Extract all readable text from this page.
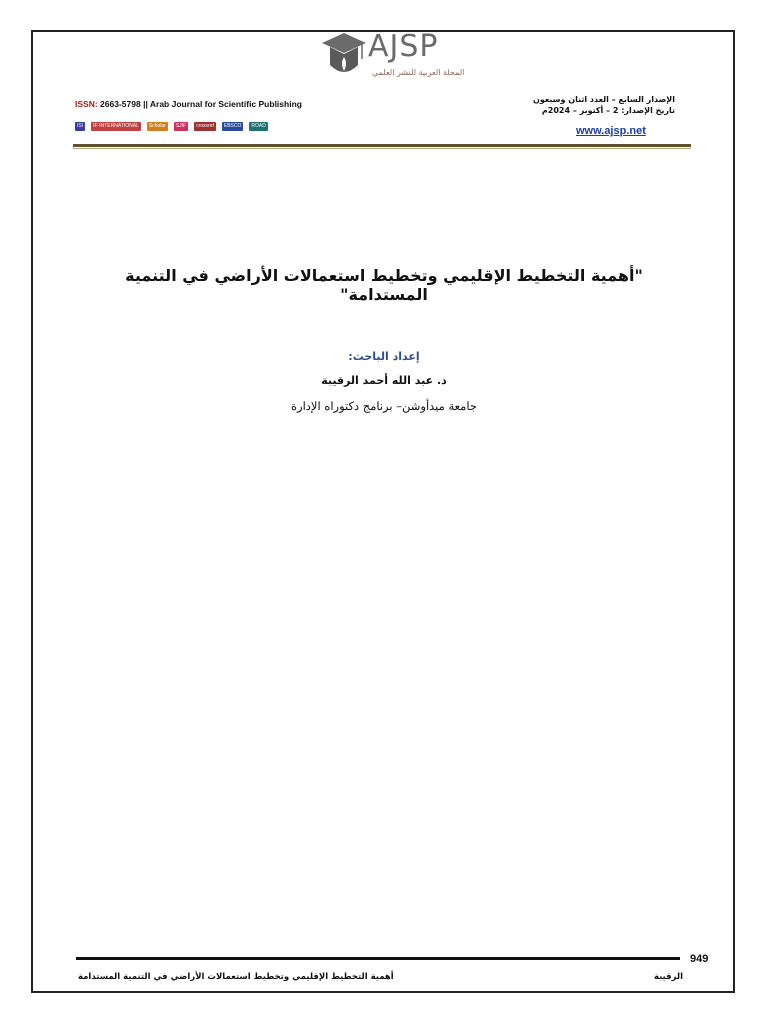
AJSP
المجلة العربية للنشر العلمي
ISSN: 2663-5798 || Arab Journal for Scientific Publishing	الإصدار السابع – العدد اثنان وسبعون
تاريخ الإصدار: 2 – أكتوبر – 2024م
ISI	IF·INTERNATIONAL	Scholar	SJIF	crossref	EBSCO	ROAD	www.ajsp.net
"أهمية التخطيط الإقليمي وتخطيط استعمالات الأراضي في التنمية المستدامة"
إعداد الباحث:
د. عبد الله أحمد الرقيبة
جامعة ميدأوشن– برنامج دكتوراه الإدارة
949
أهمية التخطيط الإقليمي وتخطيط استعمالات الأراضي في التنمية المستدامة	الرقيبة
